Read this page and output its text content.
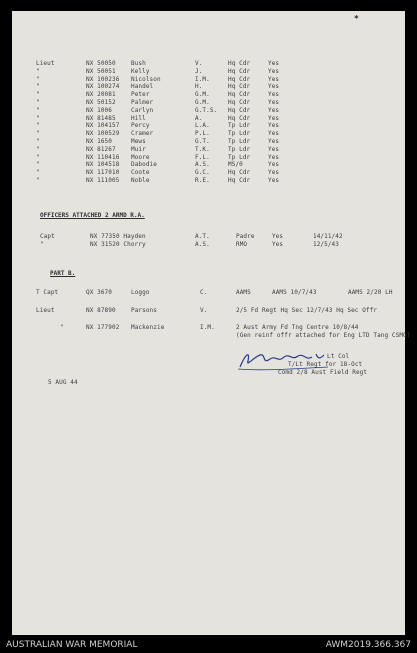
*
Lieut	NX 50050	Bush	V.	Hq Cdr	Yes
"	NX 50051	Kelly	J.	Hq Cdr	Yes
"	NX 100236 Nicolson	I.M.	Hq Cdr	Yes
"	NX 100274 Handel	H.	Hq Cdr	Yes
"	NX 20081	Peter	G.M.	Hq Cdr	Yes
"	NX 50152	Palmer	G.M.	Hq Cdr	Yes
"	NX 1006	Carlyn	G.T.S. Hq Cdr	Yes
"	NX 81485	Hill	A.	Hq Cdr	Yes
"	NX 104157 Percy	L.A.	Tp Ldr	Yes
"	NX 100529 Cramer	P.L.	Tp Ldr	Yes
"	NX 1650	Mews	G.T.	Tp Ldr	Yes
"	NX 81267	Muir	T.K.	Tp Ldr	Yes
"	NX 110416 Moore	F.L.	Tp Ldr	Yes
"	NX 104518 Dabodie	A.S.	MS/0	Yes
"	NX 117010 Coote	G.C.	Hq Cdr	Yes
"	NX 111005 Noble	R.E.	Hq Cdr	Yes
OFFICERS ATTACHED 2 ARMD R.A.
Capt	NX 77350 Hayden	A.T.	Padre	Yes	14/11/42
"	NX 31520 Chorry	A.S.	RMO	Yes	12/5/43
PART B.
T Capt	QX 3670	Loggo	C.	AAMS	AAMS 10/7/43	AAMS 2/20 LH
Lieut	NX 87890	Parsons	V.	2/5 Fd Regt Hq Sec 12/7/43 Hq Sec Offr
"	NX 177902 Mackenzie	I.M.	2 Aust Army Fd Tng Centre 10/8/44
(Gen reinf offr attached for Eng LTD Tang CSMG)
Lt Col
T/Lt Regt for 18-Oct
Comd 2/8 Aust Field Regt
5 AUG 44
AUSTRALIAN WAR MEMORIAL	AWM2019.366.367
